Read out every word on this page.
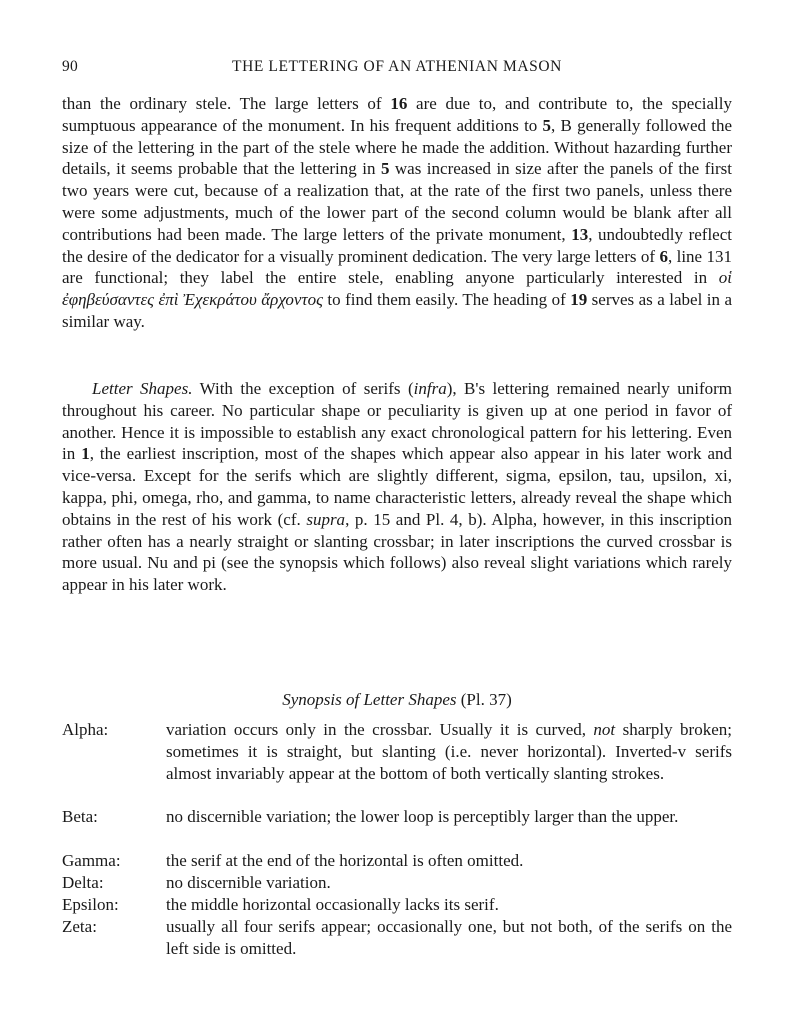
90	THE LETTERING OF AN ATHENIAN MASON

than the ordinary stele. The large letters of 16 are due to, and contribute to, the specially sumptuous appearance of the monument. In his frequent additions to 5, B generally followed the size of the lettering in the part of the stele where he made the addition. Without hazarding further details, it seems probable that the lettering in 5 was increased in size after the panels of the first two years were cut, because of a realization that, at the rate of the first two panels, unless there were some adjustments, much of the lower part of the second column would be blank after all contributions had been made. The large letters of the private monument, 13, undoubtedly reflect the desire of the dedicator for a visually prominent dedication. The very large letters of 6, line 131 are functional; they label the entire stele, enabling anyone particularly interested in οἱ ἐφηβεύσαντες ἐπὶ Ἐχεκράτου ἄρχοντος to find them easily. The heading of 19 serves as a label in a similar way.

Letter Shapes. With the exception of serifs (infra), B's lettering remained nearly uniform throughout his career. No particular shape or peculiarity is given up at one period in favor of another. Hence it is impossible to establish any exact chronological pattern for his lettering. Even in 1, the earliest inscription, most of the shapes which appear also appear in his later work and vice-versa. Except for the serifs which are slightly different, sigma, epsilon, tau, upsilon, xi, kappa, phi, omega, rho, and gamma, to name characteristic letters, already reveal the shape which obtains in the rest of his work (cf. supra, p. 15 and Pl. 4, b). Alpha, however, in this inscription rather often has a nearly straight or slanting crossbar; in later inscriptions the curved crossbar is more usual. Nu and pi (see the synopsis which follows) also reveal slight variations which rarely appear in his later work.

Synopsis of Letter Shapes (Pl. 37)
Alpha:	variation occurs only in the crossbar. Usually it is curved, not sharply broken; sometimes it is straight, but slanting (i.e. never horizontal). Inverted-v serifs almost invariably appear at the bottom of both vertically slanting strokes.
Beta:	no discernible variation; the lower loop is perceptibly larger than the upper.
Gamma:	the serif at the end of the horizontal is often omitted.
Delta:	no discernible variation.
Epsilon:	the middle horizontal occasionally lacks its serif.
Zeta:	usually all four serifs appear; occasionally one, but not both, of the serifs on the left side is omitted.
